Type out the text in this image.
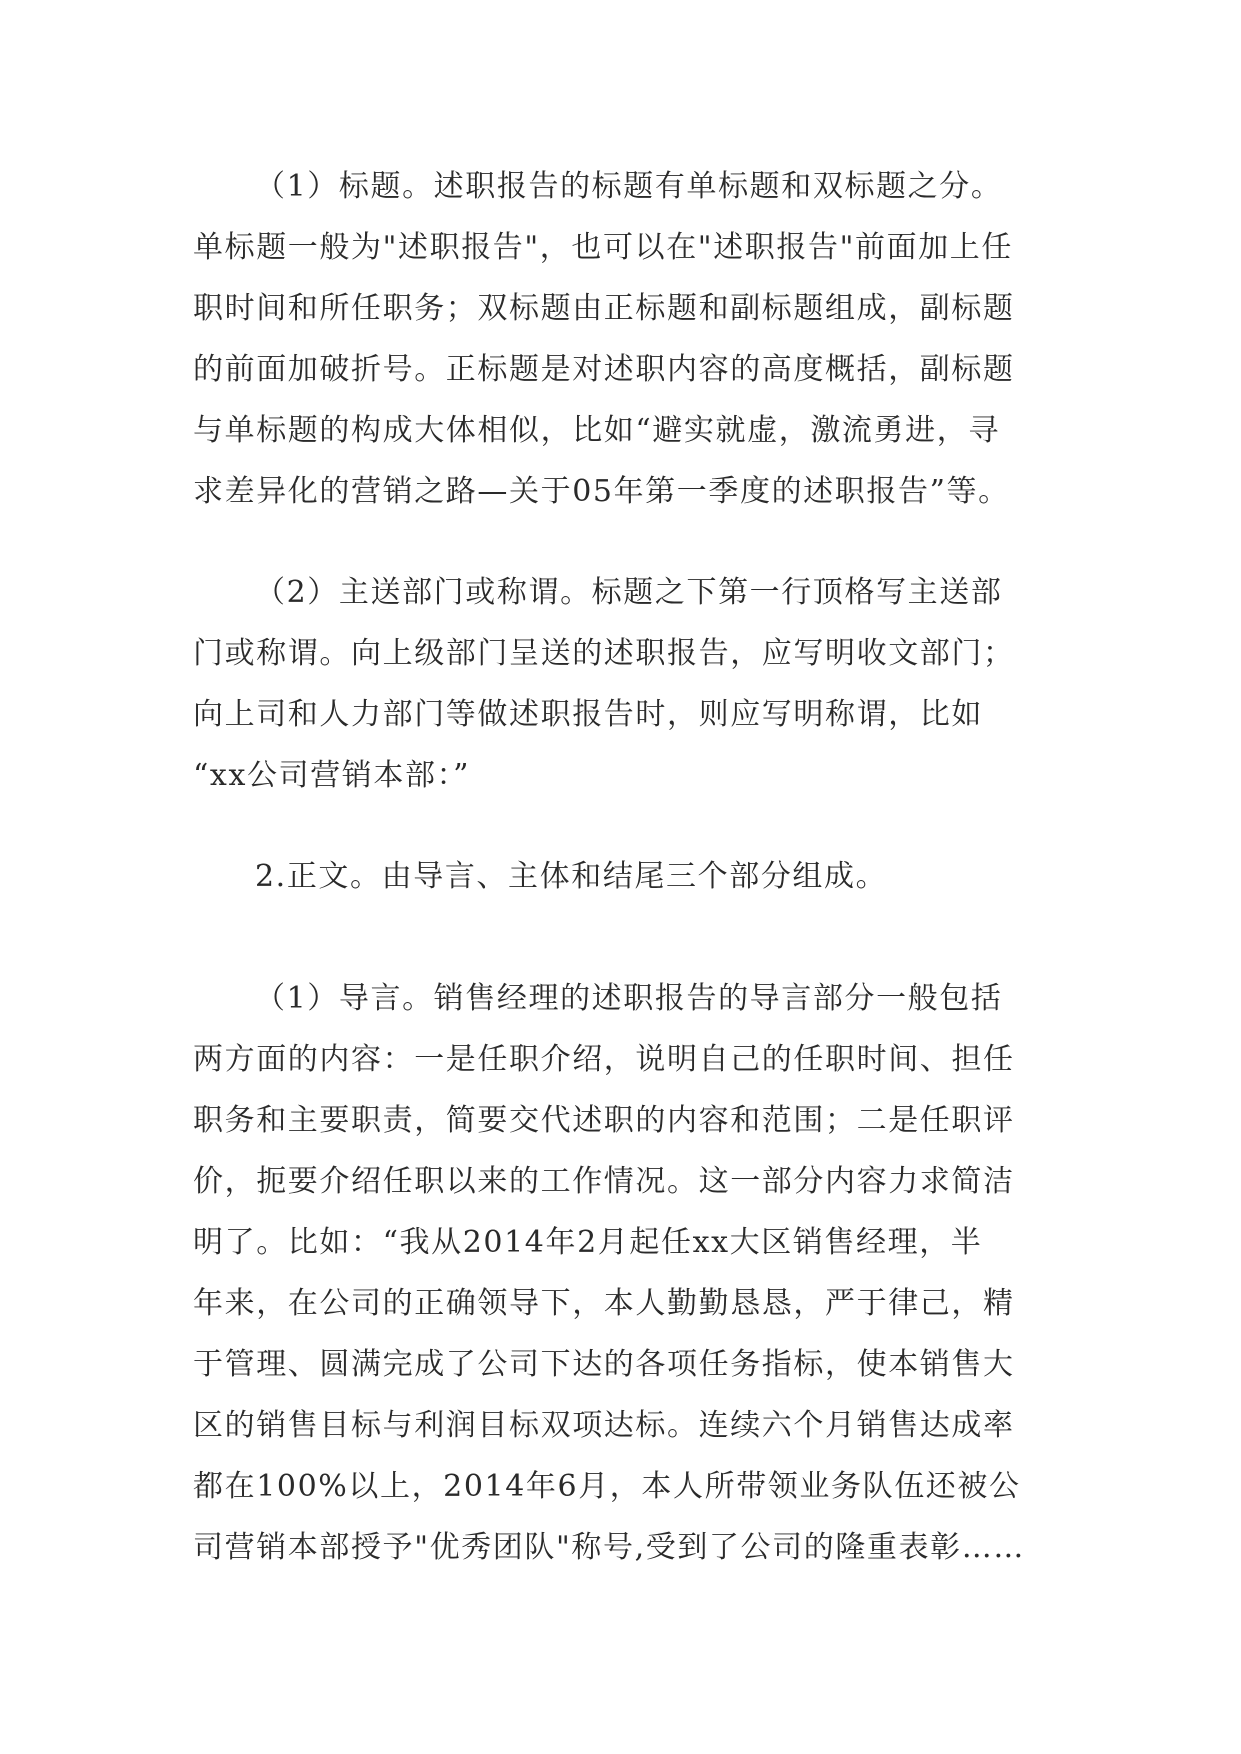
（1）标题。述职报告的标题有单标题和双标题之分。
单标题一般为"述职报告"，也可以在"述职报告"前面加上任
职时间和所任职务；双标题由正标题和副标题组成，副标题
的前面加破折号。正标题是对述职内容的高度概括，副标题
与单标题的构成大体相似，比如“避实就虚，激流勇进，寻
求差异化的营销之路—关于05年第一季度的述职报告”等。
（2）主送部门或称谓。标题之下第一行顶格写主送部
门或称谓。向上级部门呈送的述职报告，应写明收文部门；
向上司和人力部门等做述职报告时，则应写明称谓，比如
“xx公司营销本部：”
2.正文。由导言、主体和结尾三个部分组成。
（1）导言。销售经理的述职报告的导言部分一般包括
两方面的内容：一是任职介绍，说明自己的任职时间、担任
职务和主要职责，简要交代述职的内容和范围；二是任职评
价，扼要介绍任职以来的工作情况。这一部分内容力求简洁
明了。比如：“我从2014年2月起任xx大区销售经理，半
年来，在公司的正确领导下，本人勤勤恳恳，严于律己，精
于管理、圆满完成了公司下达的各项任务指标，使本销售大
区的销售目标与利润目标双项达标。连续六个月销售达成率
都在100%以上，2014年6月，本人所带领业务队伍还被公
司营销本部授予"优秀团队"称号,受到了公司的隆重表彰……
